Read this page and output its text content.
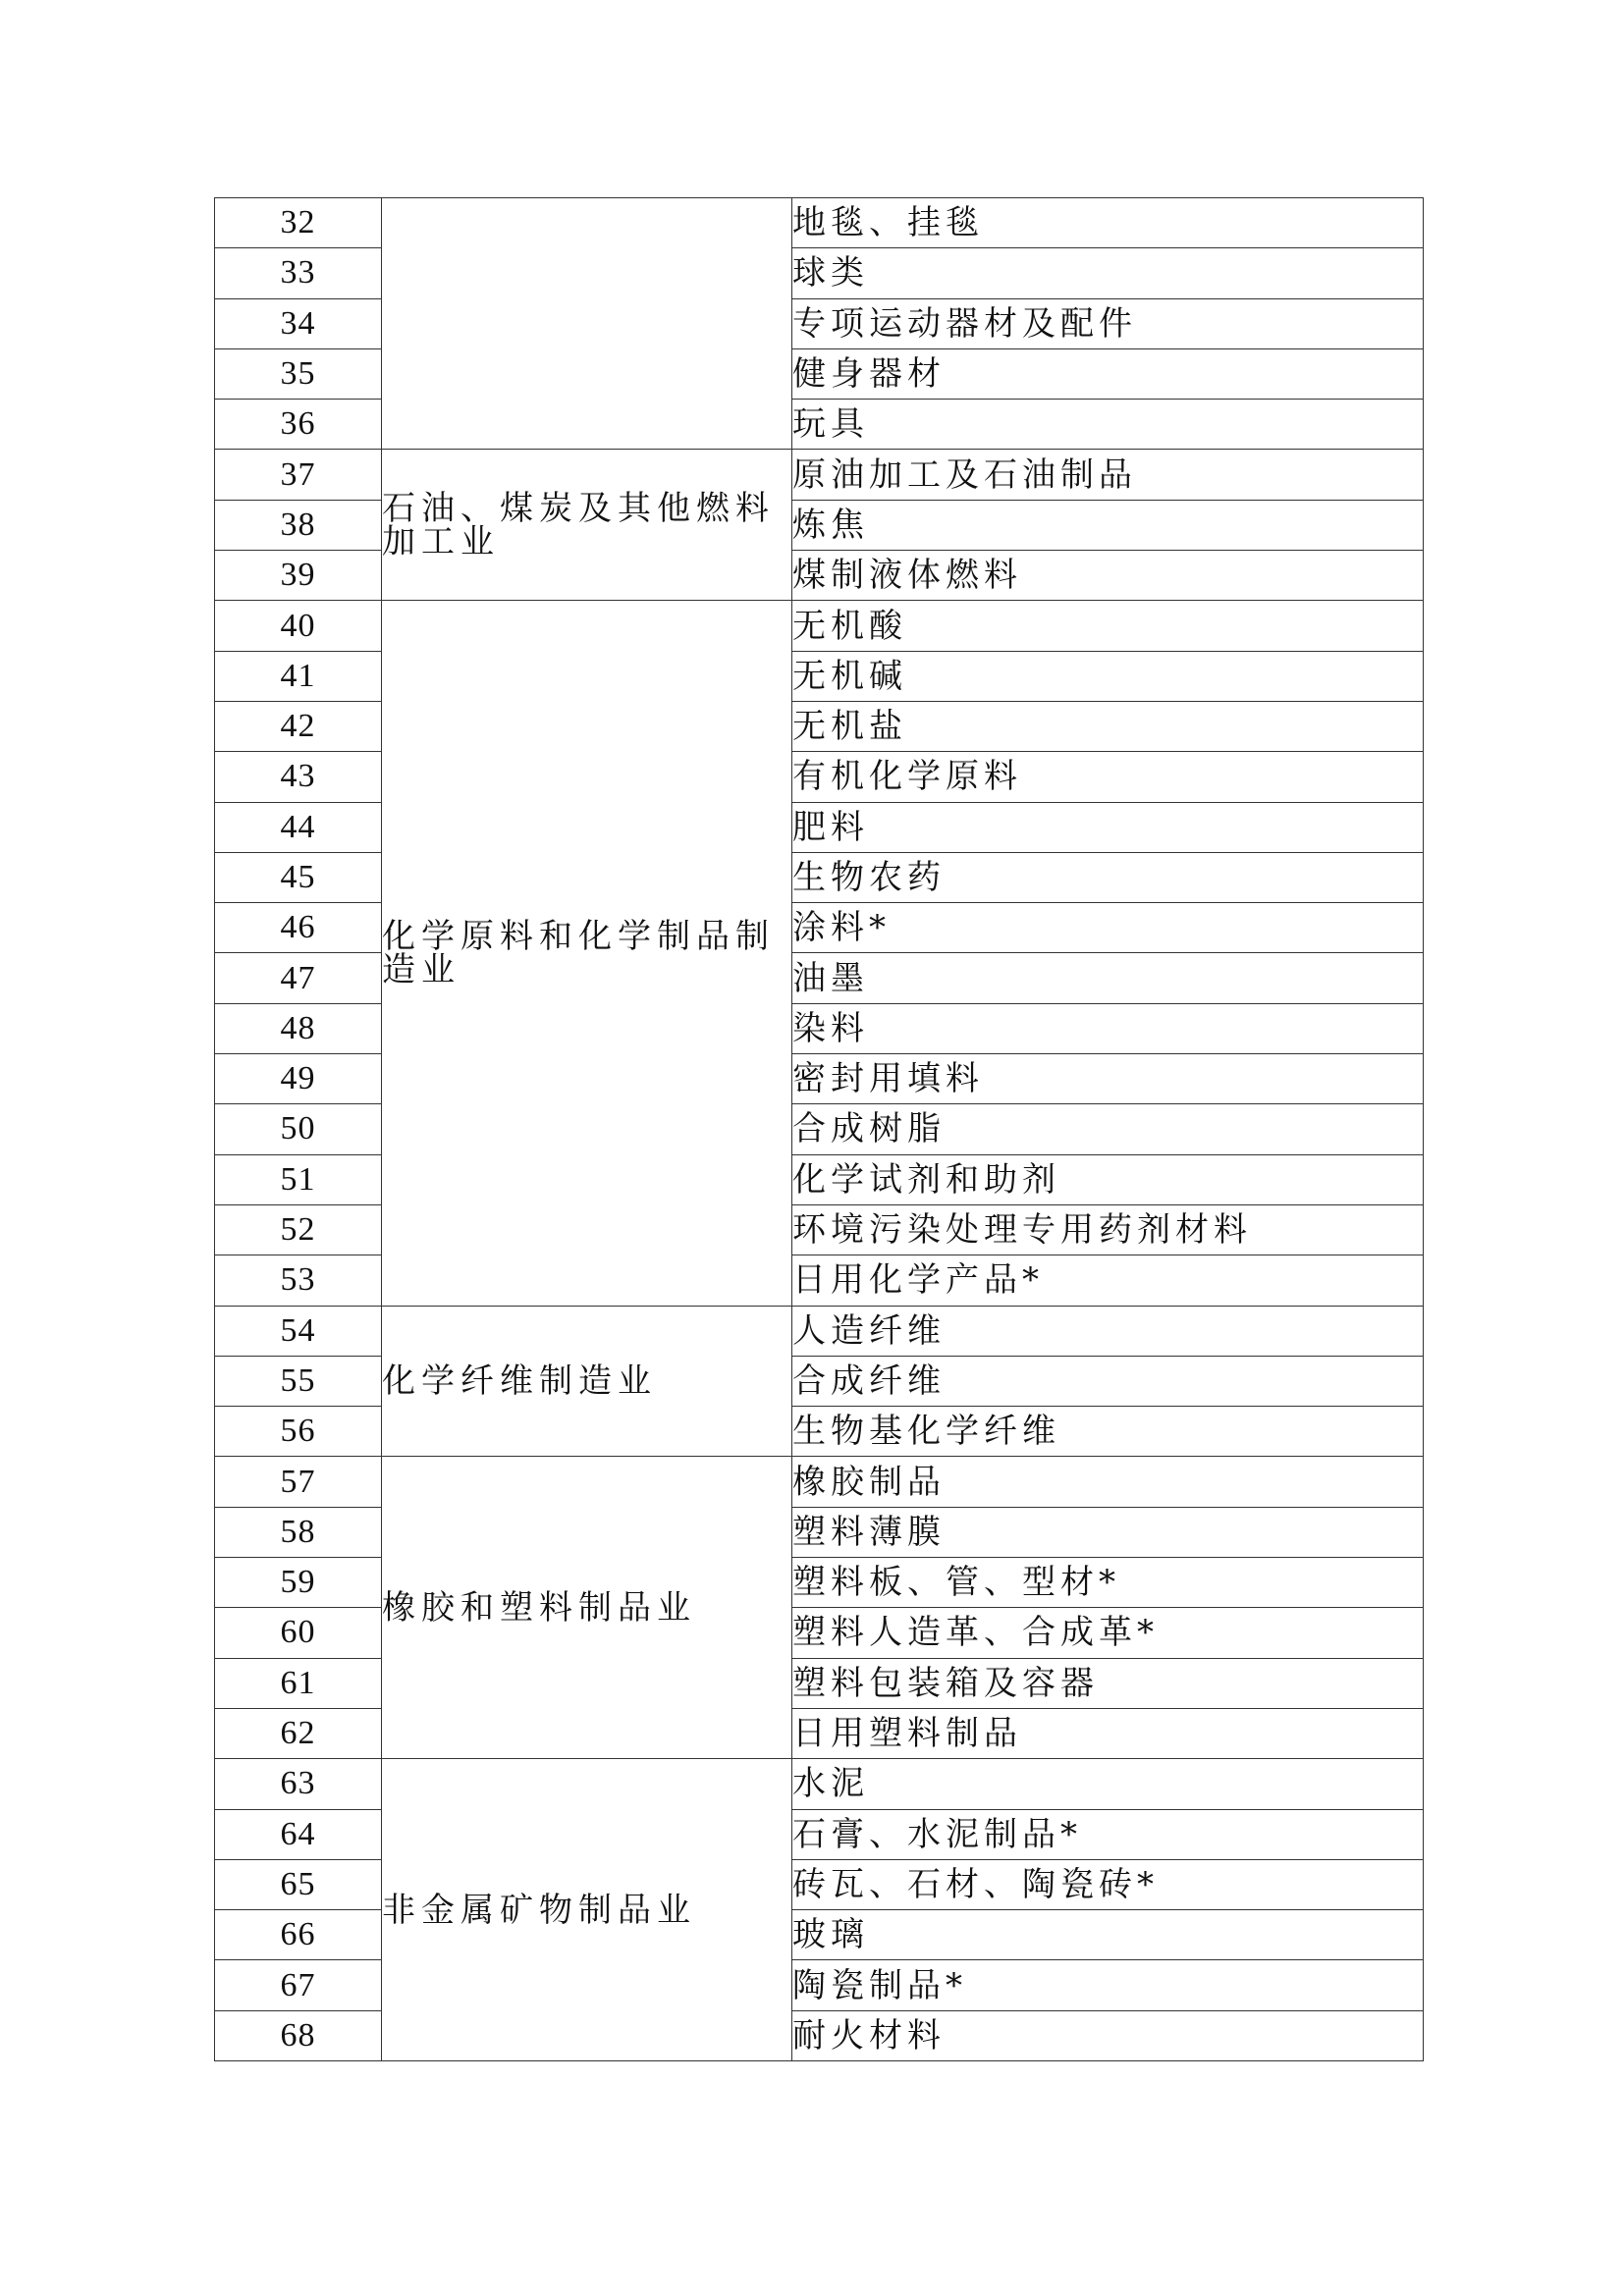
32		地毯、挂毯
33		球类
34		专项运动器材及配件
35		健身器材
36		玩具
37	石油、煤炭及其他燃料加工业	原油加工及石油制品
38		炼焦
39		煤制液体燃料
40	化学原料和化学制品制造业	无机酸
41		无机碱
42		无机盐
43		有机化学原料
44		肥料
45		生物农药
46		涂料*
47		油墨
48		染料
49		密封用填料
50		合成树脂
51		化学试剂和助剂
52		环境污染处理专用药剂材料
53		日用化学产品*
54	化学纤维制造业	人造纤维
55		合成纤维
56		生物基化学纤维
57	橡胶和塑料制品业	橡胶制品
58		塑料薄膜
59		塑料板、管、型材*
60		塑料人造革、合成革*
61		塑料包装箱及容器
62		日用塑料制品
63	非金属矿物制品业	水泥
64		石膏、水泥制品*
65		砖瓦、石材、陶瓷砖*
66		玻璃
67		陶瓷制品*
68		耐火材料
